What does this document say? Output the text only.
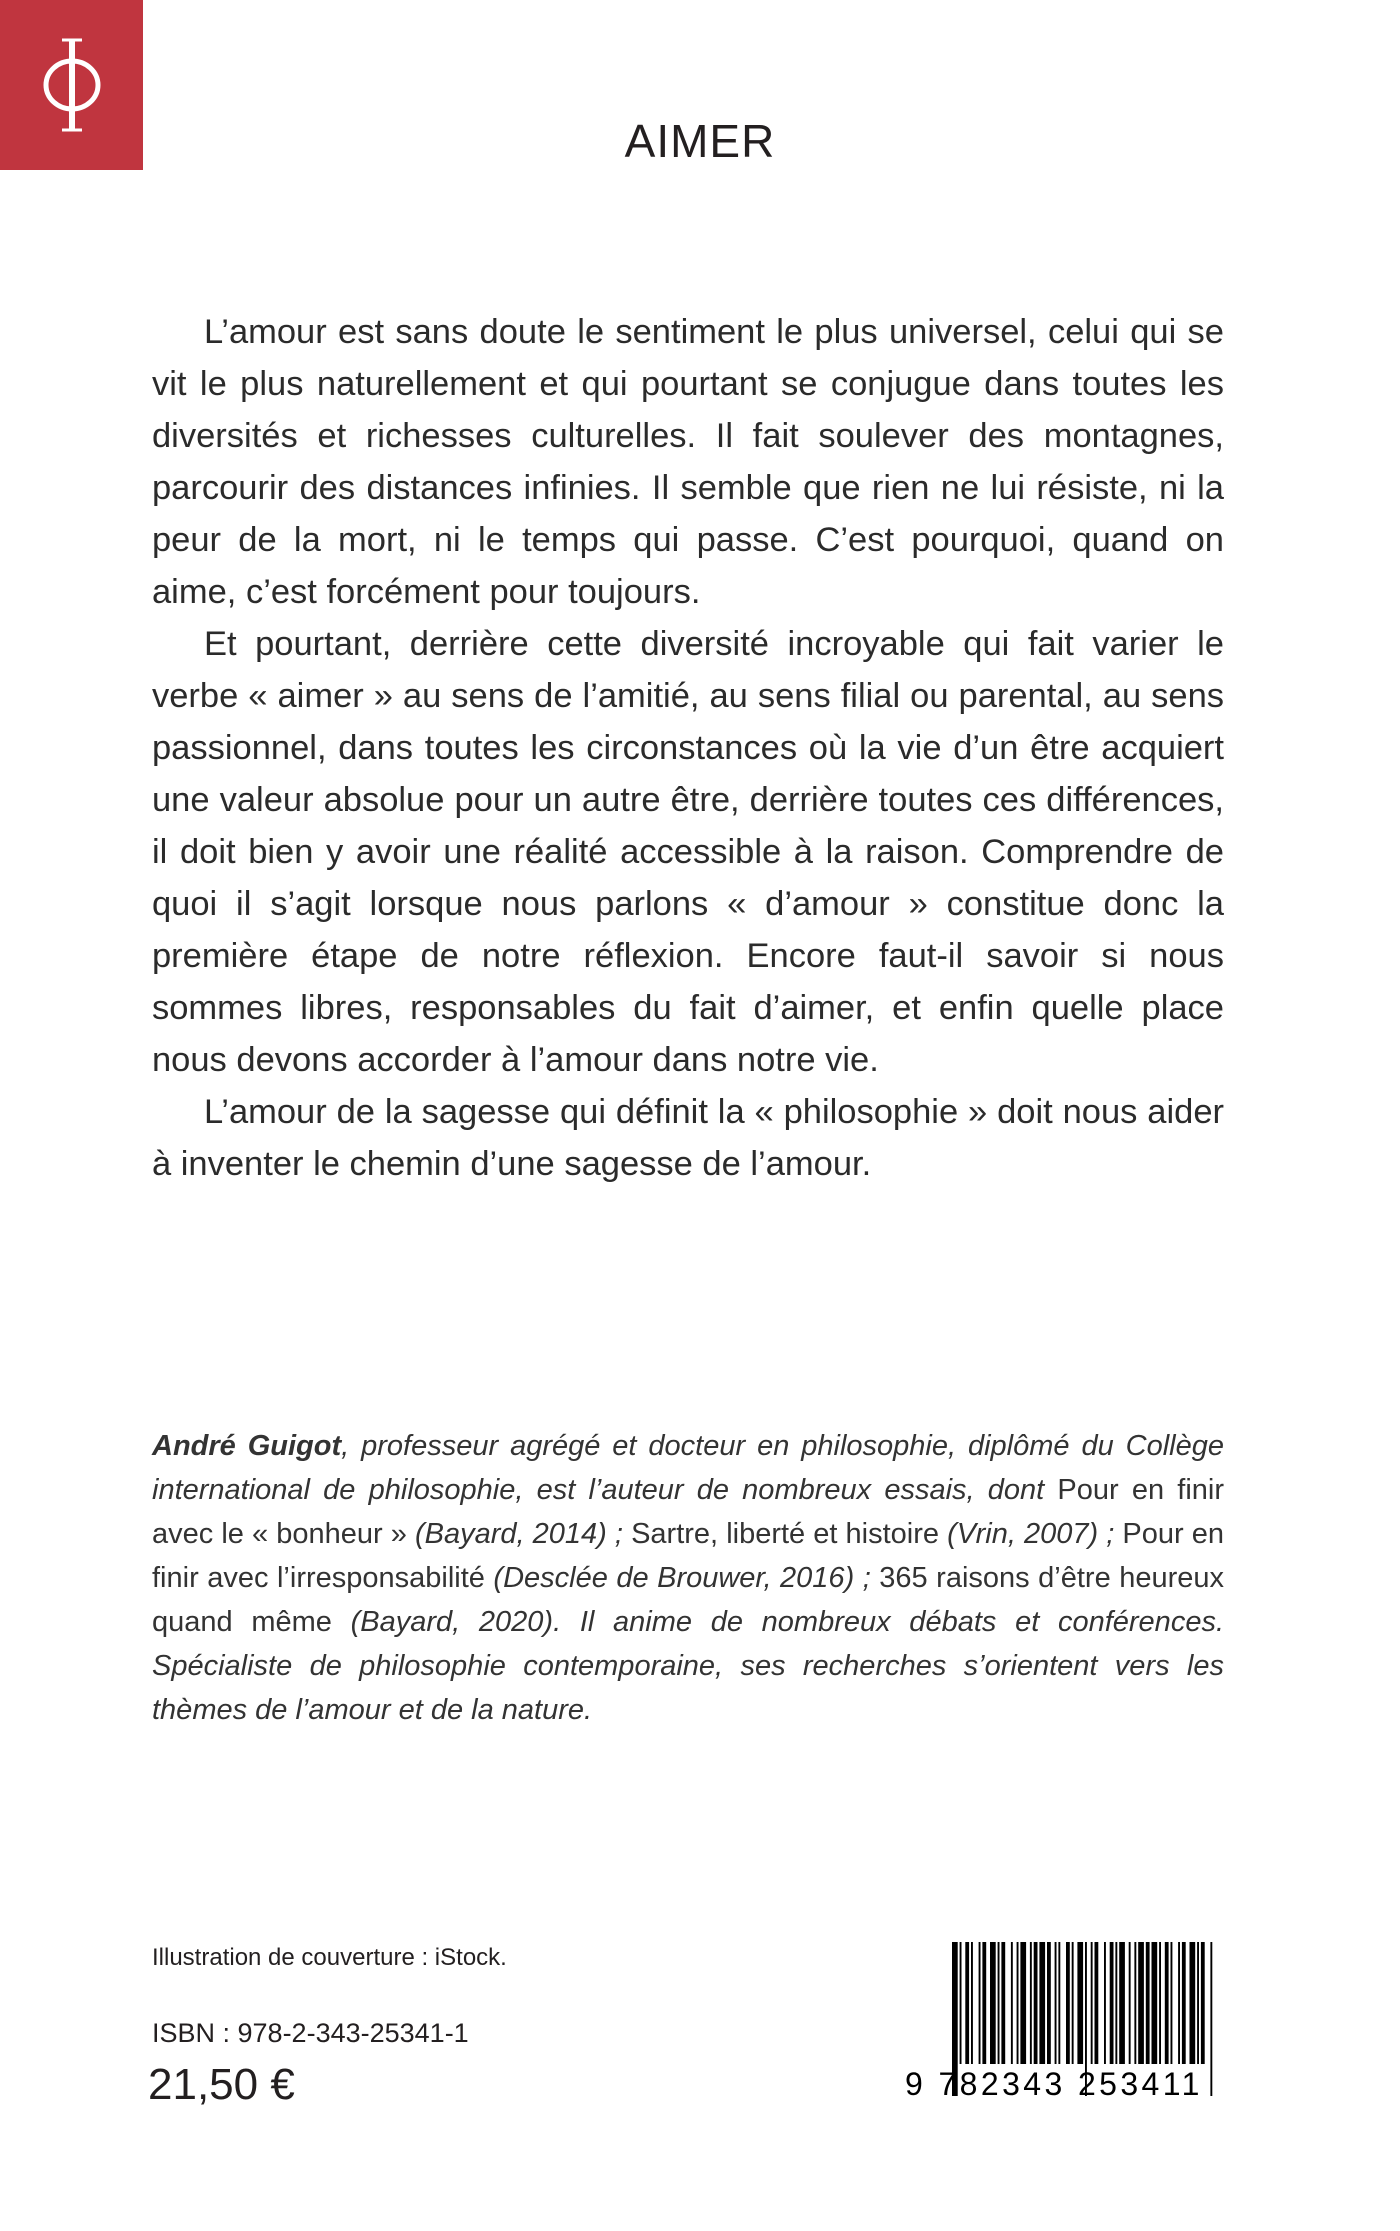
AIMER

L’amour est sans doute le sentiment le plus universel, celui qui se vit le plus naturellement et qui pourtant se conjugue dans toutes les diversités et richesses culturelles. Il fait soulever des montagnes, parcourir des distances infinies. Il semble que rien ne lui résiste, ni la peur de la mort, ni le temps qui passe. C’est pourquoi, quand on aime, c’est forcément pour toujours.

Et pourtant, derrière cette diversité incroyable qui fait varier le verbe « aimer » au sens de l’amitié, au sens filial ou parental, au sens passionnel, dans toutes les circonstances où la vie d’un être acquiert une valeur absolue pour un autre être, derrière toutes ces différences, il doit bien y avoir une réalité accessible à la raison. Comprendre de quoi il s’agit lorsque nous parlons « d’amour » constitue donc la première étape de notre réflexion. Encore faut-il savoir si nous sommes libres, responsables du fait d’aimer, et enfin quelle place nous devons accorder à l’amour dans notre vie.

L’amour de la sagesse qui définit la « philosophie » doit nous aider à inventer le chemin d’une sagesse de l’amour.

André Guigot, professeur agrégé et docteur en philosophie, diplômé du Collège international de philosophie, est l’auteur de nombreux essais, dont Pour en finir avec le « bonheur » (Bayard, 2014) ; Sartre, liberté et histoire (Vrin, 2007) ; Pour en finir avec l’irresponsabilité (Desclée de Brouwer, 2016) ; 365 raisons d’être heureux quand même (Bayard, 2020). Il anime de nombreux débats et conférences. Spécialiste de philosophie contemporaine, ses recherches s’orientent vers les thèmes de l’amour et de la nature.

Illustration de couverture : iStock.
ISBN : 978-2-343-25341-1
21,50 €	9 782343 253411
